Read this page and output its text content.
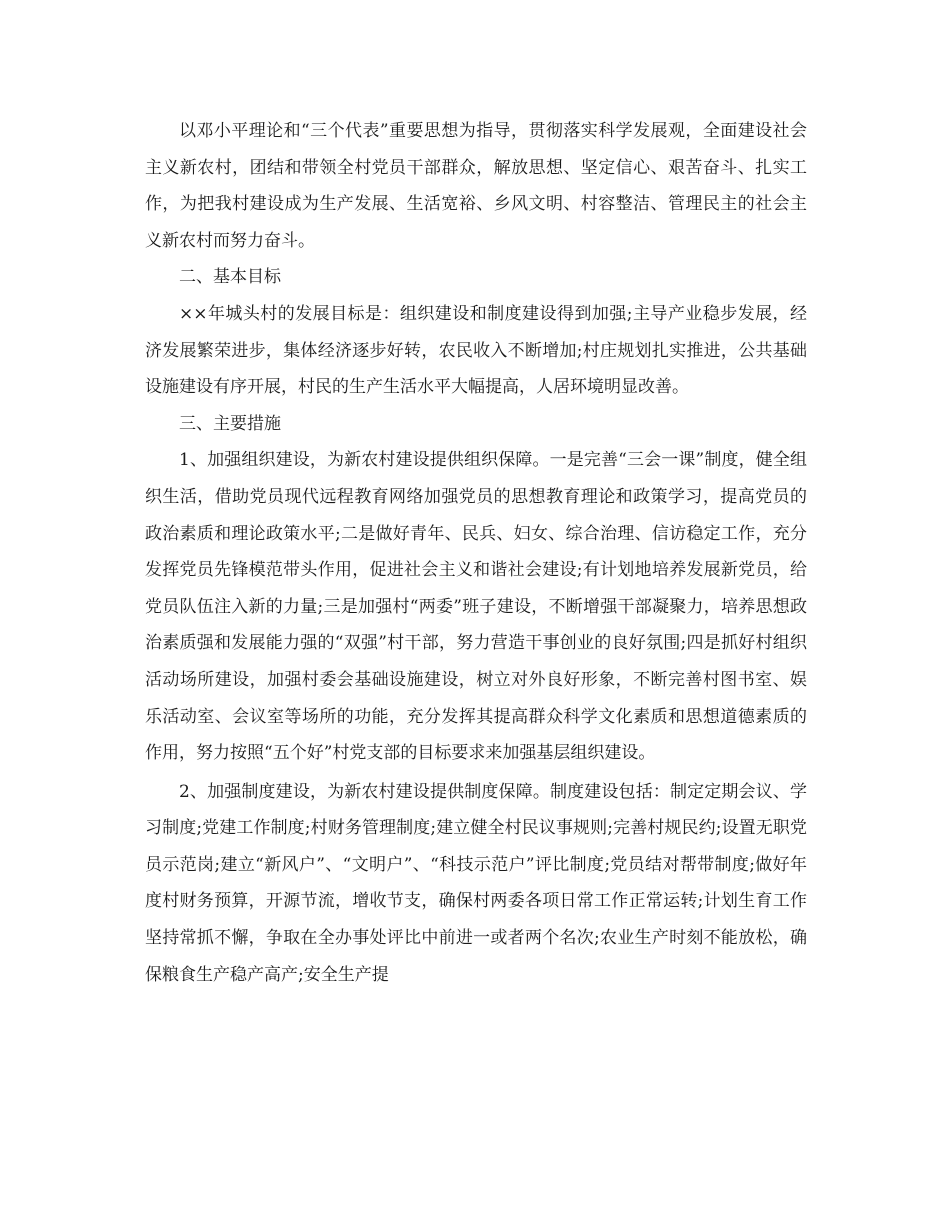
以邓小平理论和“三个代表”重要思想为指导，贯彻落实科学发展观，全面建设社会主义新农村，团结和带领全村党员干部群众，解放思想、坚定信心、艰苦奋斗、扎实工作，为把我村建设成为生产发展、生活宽裕、乡风文明、村容整洁、管理民主的社会主义新农村而努力奋斗。

二、基本目标

××年城头村的发展目标是：组织建设和制度建设得到加强;主导产业稳步发展，经济发展繁荣进步，集体经济逐步好转，农民收入不断增加;村庄规划扎实推进，公共基础设施建设有序开展，村民的生产生活水平大幅提高，人居环境明显改善。

三、主要措施

1、加强组织建设，为新农村建设提供组织保障。一是完善“三会一课”制度，健全组织生活，借助党员现代远程教育网络加强党员的思想教育理论和政策学习，提高党员的政治素质和理论政策水平;二是做好青年、民兵、妇女、综合治理、信访稳定工作，充分发挥党员先锋模范带头作用，促进社会主义和谐社会建设;有计划地培养发展新党员，给党员队伍注入新的力量;三是加强村“两委”班子建设，不断增强干部凝聚力，培养思想政治素质强和发展能力强的“双强”村干部，努力营造干事创业的良好氛围;四是抓好村组织活动场所建设，加强村委会基础设施建设，树立对外良好形象，不断完善村图书室、娱乐活动室、会议室等场所的功能，充分发挥其提高群众科学文化素质和思想道德素质的作用，努力按照“五个好”村党支部的目标要求来加强基层组织建设。

2、加强制度建设，为新农村建设提供制度保障。制度建设包括：制定定期会议、学习制度;党建工作制度;村财务管理制度;建立健全村民议事规则;完善村规民约;设置无职党员示范岗;建立“新风户”、“文明户”、“科技示范户”评比制度;党员结对帮带制度;做好年度村财务预算，开源节流，增收节支，确保村两委各项日常工作正常运转;计划生育工作坚持常抓不懈，争取在全办事处评比中前进一或者两个名次;农业生产时刻不能放松，确保粮食生产稳产高产;安全生产提
